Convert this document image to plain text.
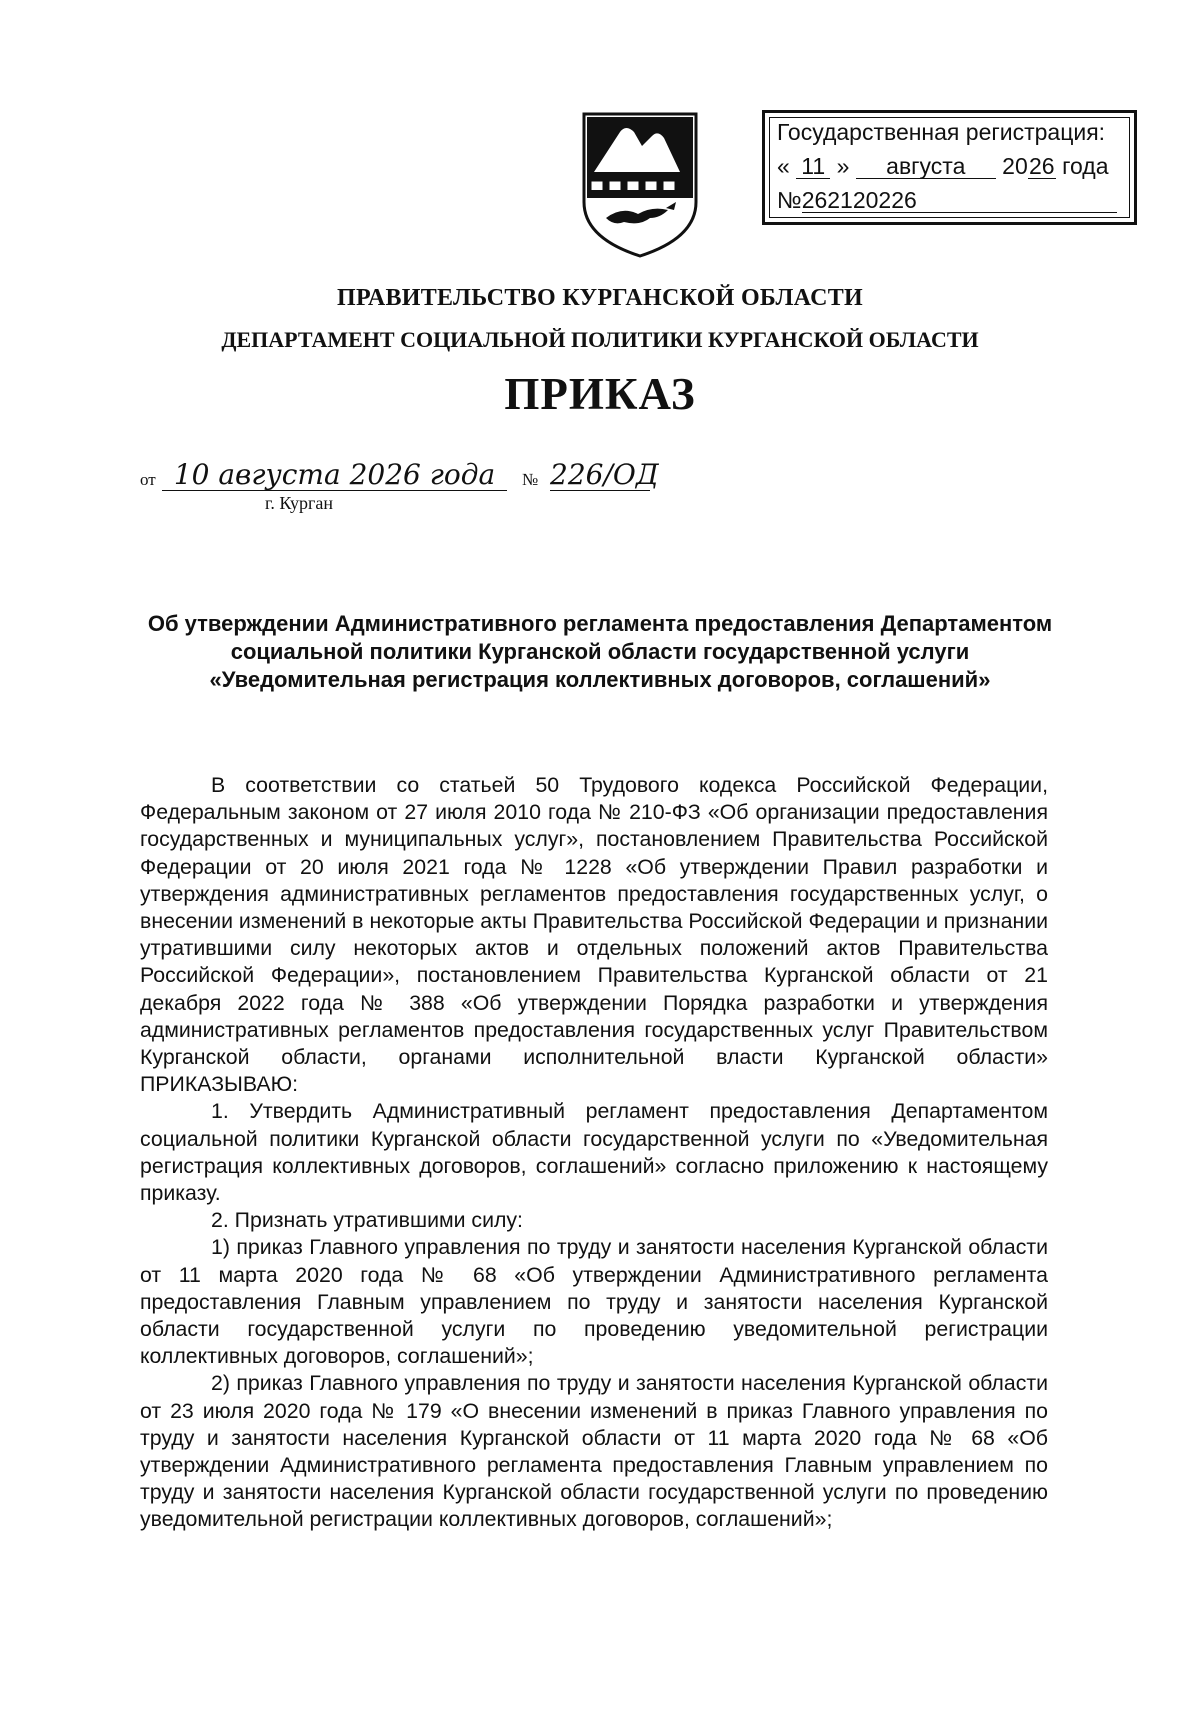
Государственная регистрация:
« 11 » августа 2026 года
№262120226
ПРАВИТЕЛЬСТВО КУРГАНСКОЙ ОБЛАСТИ
ДЕПАРТАМЕНТ СОЦИАЛЬНОЙ ПОЛИТИКИ КУРГАНСКОЙ ОБЛАСТИ
ПРИКАЗ
от 10 августа 2026 года	№ 226/ОД
г. Курган
Об утверждении Административного регламента предоставления Департаментом
социальной политики Курганской области государственной услуги
«Уведомительная регистрация коллективных договоров, соглашений»

В соответствии со статьей 50 Трудового кодекса Российской Федерации, Федеральным законом от 27 июля 2010 года № 210-ФЗ «Об организации предоставления государственных и муниципальных услуг», постановлением Правительства Российской Федерации от 20 июля 2021 года № 1228 «Об утверждении Правил разработки и утверждения административных регламентов предоставления государственных услуг, о внесении изменений в некоторые акты Правительства Российской Федерации и признании утратившими силу некоторых актов и отдельных положений актов Правительства Российской Федерации», постановлением Правительства Курганской области от 21 декабря 2022 года № 388 «Об утверждении Порядка разработки и утверждения административных регламентов предоставления государственных услуг Правительством Курганской области, органами исполнительной власти Курганской области» ПРИКАЗЫВАЮ:

1. Утвердить Административный регламент предоставления Департаментом социальной политики Курганской области государственной услуги по «Уведомительная регистрация коллективных договоров, соглашений» согласно приложению к настоящему приказу.

2. Признать утратившими силу:

1) приказ Главного управления по труду и занятости населения Курганской области от 11 марта 2020 года № 68 «Об утверждении Административного регламента предоставления Главным управлением по труду и занятости населения Курганской области государственной услуги по проведению уведомительной регистрации коллективных договоров, соглашений»;

2) приказ Главного управления по труду и занятости населения Курганской области от 23 июля 2020 года № 179 «О внесении изменений в приказ Главного управления по труду и занятости населения Курганской области от 11 марта 2020 года № 68 «Об утверждении Административного регламента предоставления Главным управлением по труду и занятости населения Курганской области государственной услуги по проведению уведомительной регистрации коллективных договоров, соглашений»;
